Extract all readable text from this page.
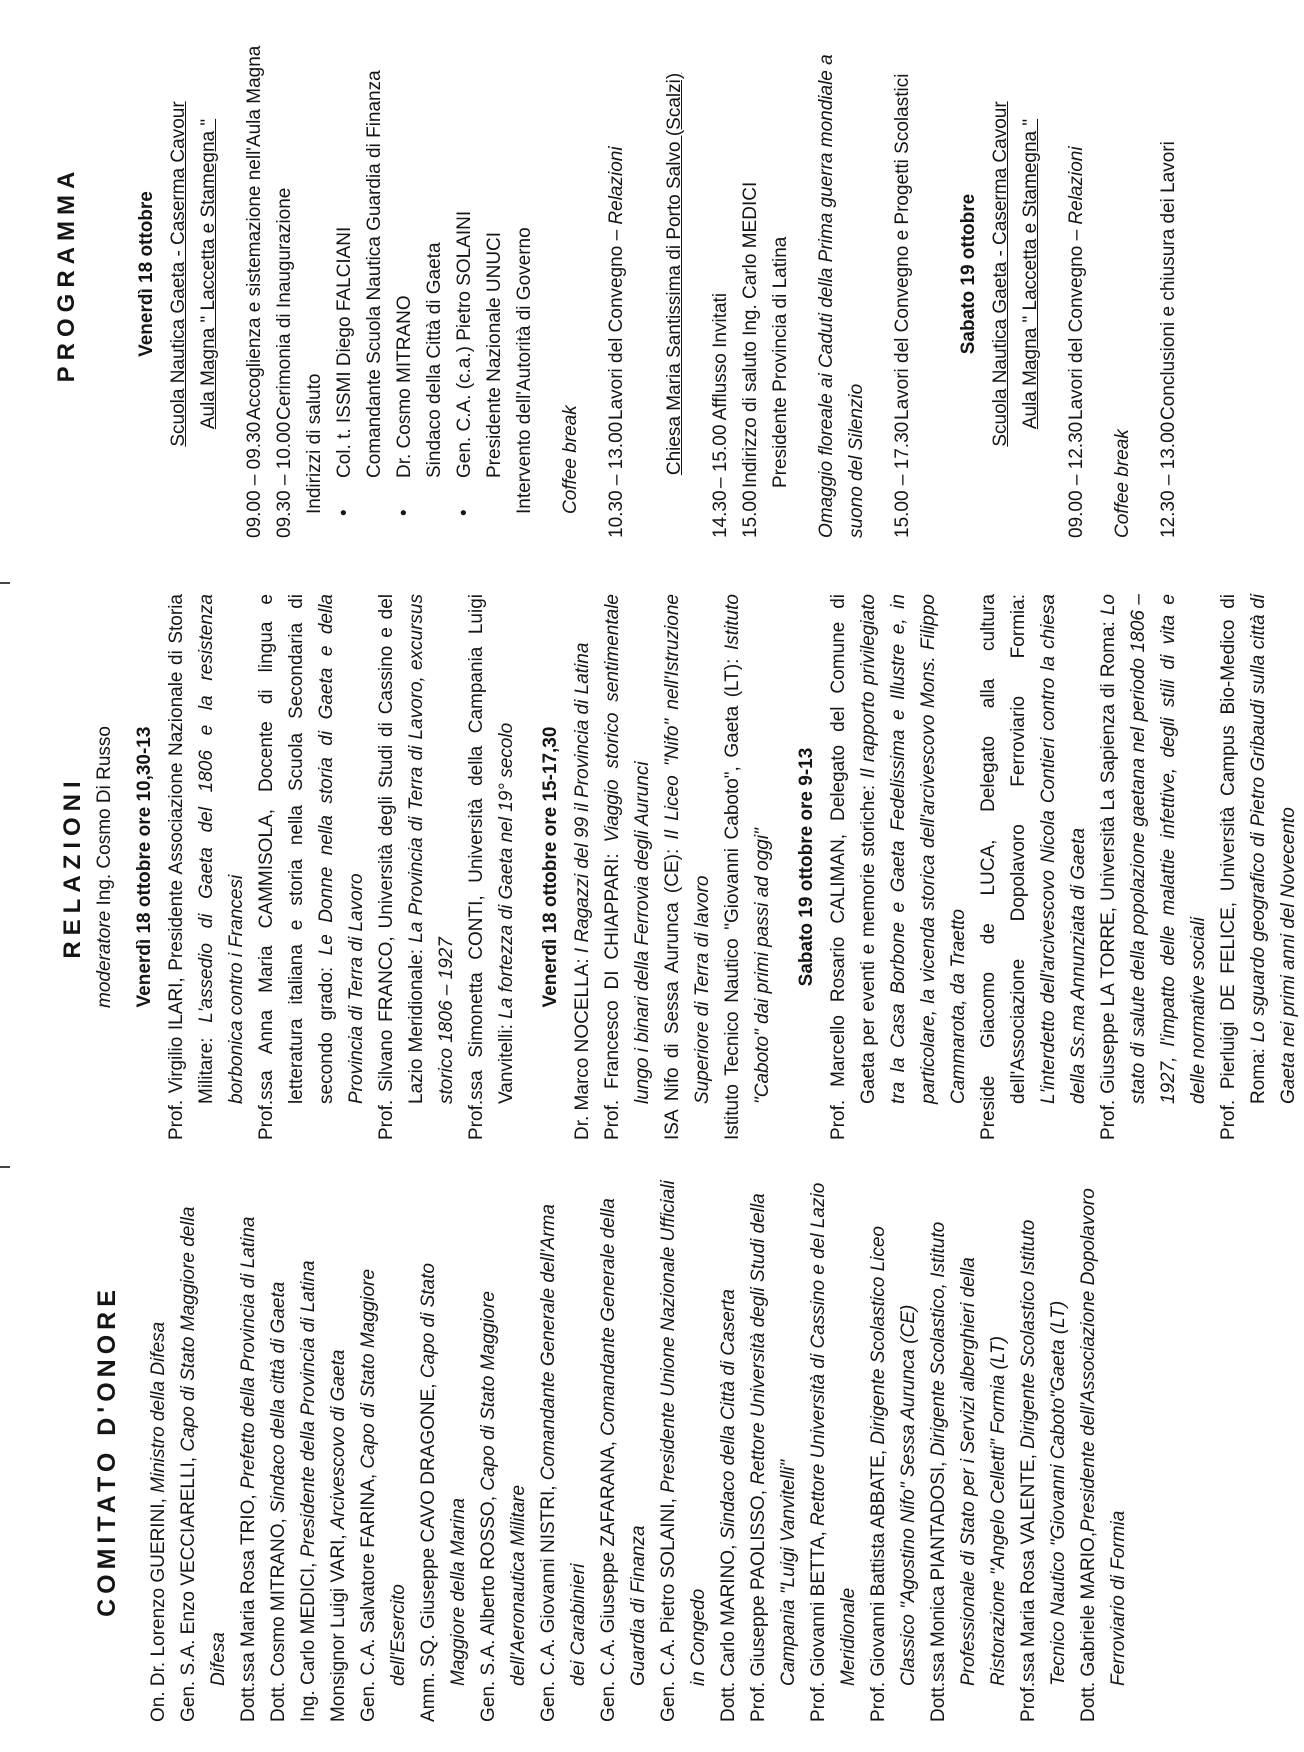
COMITATO D'ONORE On. Dr. Lorenzo GUERINI, Ministro della Difesa

Gen. S.A. Enzo VECCIARELLI, Capo di Stato Maggiore della Difesa Dott.ssa Maria Rosa TRIO, Prefetto della Provincia di Latina

Dott. Cosmo MITRANO, Sindaco della città di Gaeta

Ing. Carlo MEDICI, Presidente della Provincia di Latina

Monsignor Luigi VARI, Arcivescovo di Gaeta

Gen. C.A. Salvatore FARINA, Capo di Stato Maggiore dell'Esercito Amm. SQ. Giuseppe CAVO DRAGONE, Capo di Stato Maggiore della Marina Gen. S.A. Alberto ROSSO, Capo di Stato Maggiore dell'Aeronautica Militare Gen. C.A. Giovanni NISTRI, Comandante Generale dell'Arma dei Carabinieri Gen. C.A. Giuseppe ZAFARANA, Comandante Generale della Guardia di Finanza Gen. C.A. Pietro SOLAINI, Presidente Unione Nazionale Ufficiali in Congedo Dott. Carlo MARINO, Sindaco della Città di Caserta

Prof. Giuseppe PAOLISSO, Rettore Università degli Studi della Campania "Luigi Vanvitelli" Prof. Giovanni BETTA, Rettore Università di Cassino e del Lazio Meridionale Prof. Giovanni Battista ABBATE, Dirigente Scolastico Liceo Classico "Agostino Nifo" Sessa Aurunca (CE) Dott.ssa Monica PIANTADOSI, Dirigente Scolastico, Istituto Professionale di Stato per i Servizi alberghieri della Ristorazione "Angelo Celletti" Formia (LT) Prof.ssa Maria Rosa VALENTE, Dirigente Scolastico Istituto Tecnico Nautico "Giovanni Caboto"Gaeta (LT) Dott. Gabriele MARIO,Presidente dell'Associazione Dopolavoro Ferroviario di Formia

RELAZIONI
moderatore Ing. Cosmo Di Russo Venerdì 18 ottobre ore 10,30-13 Prof. Virgilio ILARI, Presidente Associazione Nazionale di Storia Militare: L'assedio di Gaeta del 1806 e la resistenza borbonica contro i Francesi Prof.ssa Anna Maria CAMMISOLA, Docente di lingua e letteratura italiana e storia nella Scuola Secondaria di secondo grado: Le Donne nella storia di Gaeta e della Provincia di Terra di Lavoro Prof. Silvano FRANCO, Università degli Studi di Cassino e del Lazio Meridionale: La Provincia di Terra di Lavoro, excursus storico 1806 – 1927 Prof.ssa Simonetta CONTI, Università della Campania Luigi Vanvitelli: La fortezza di Gaeta nel 19° secolo Venerdì 18 ottobre ore 15-17,30

Dr. Marco NOCELLA: I Ragazzi del 99 il Provincia di Latina

Prof. Francesco DI CHIAPPARI: Viaggio storico sentimentale lungo i binari della Ferrovia degli Aurunci ISA Nifo di Sessa Aurunca (CE): Il Liceo "Nifo" nell'Istruzione Superiore di Terra di lavoro Istituto Tecnico Nautico "Giovanni Caboto", Gaeta (LT): Istituto "Caboto" dai primi passi ad oggi" Sabato 19 ottobre ore 9-13 Prof. Marcello Rosario CALIMAN, Delegato del Comune di Gaeta per eventi e memorie storiche: Il rapporto privilegiato tra la Casa Borbone e Gaeta Fedelissima e Illustre e, in particolare, la vicenda storica dell'arcivescovo Mons. Filippo Cammarota, da Traetto Preside Giacomo de LUCA, Delegato alla cultura dell'Associazione Dopolavoro Ferroviario Formia: L'interdetto dell'arcivescovo Nicola Contieri contro la chiesa della Ss.ma Annunziata di Gaeta Prof. Giuseppe LA TORRE, Università La Sapienza di Roma: Lo stato di salute della popolazione gaetana nel periodo 1806 – 1927, l'impatto delle malattie infettive, degli stili di vita e delle normative sociali Prof. Pierluigi DE FELICE, Università Campus Bio-Medico di Roma: Lo sguardo geografico di Pietro Gribaudi sulla città di Gaeta nei primi anni del Novecento

PROGRAMMA	Venerdì 18 ottobre Scuola Nautica Gaeta - Caserma Cavour Aula Magna " Laccetta e Stamegna "
09.00 – 09.30
Accoglienza e sistemazione nell'Aula Magna
09.30 – 10.00
Cerimonia di Inaugurazione
Indirizzi di saluto •
Col. t. ISSMI Diego FALCIANI Comandante Scuola Nautica Guardia di Finanza
•
Dr. Cosmo MITRANO Sindaco della Città di Gaeta
•
Gen. C.A. (c.a.) Pietro SOLAINI Presidente Nazionale UNUCI Intervento dell'Autorità di Governo Coffee break 10.30 – 13.00
Lavori del Convegno – Relazioni Chiesa Maria Santissima di Porto Salvo (Scalzi)
14.30
– 15.00 Afflusso Invitati
15.00
Indirizzo di saluto Ing. Carlo MEDICI Presidente Provincia di Latina Omaggio floreale ai Caduti della Prima guerra mondiale a suono del Silenzio 15.00 – 17.30
Lavori del Convegno e Progetti Scolastici Sabato 19 ottobre Scuola Nautica Gaeta - Caserma Cavour Aula Magna " Laccetta e Stamegna "
09.00 – 12.30
Lavori del Convegno – Relazioni
Coffee break 12.30 – 13.00
Conclusioni e chiusura dei Lavori
